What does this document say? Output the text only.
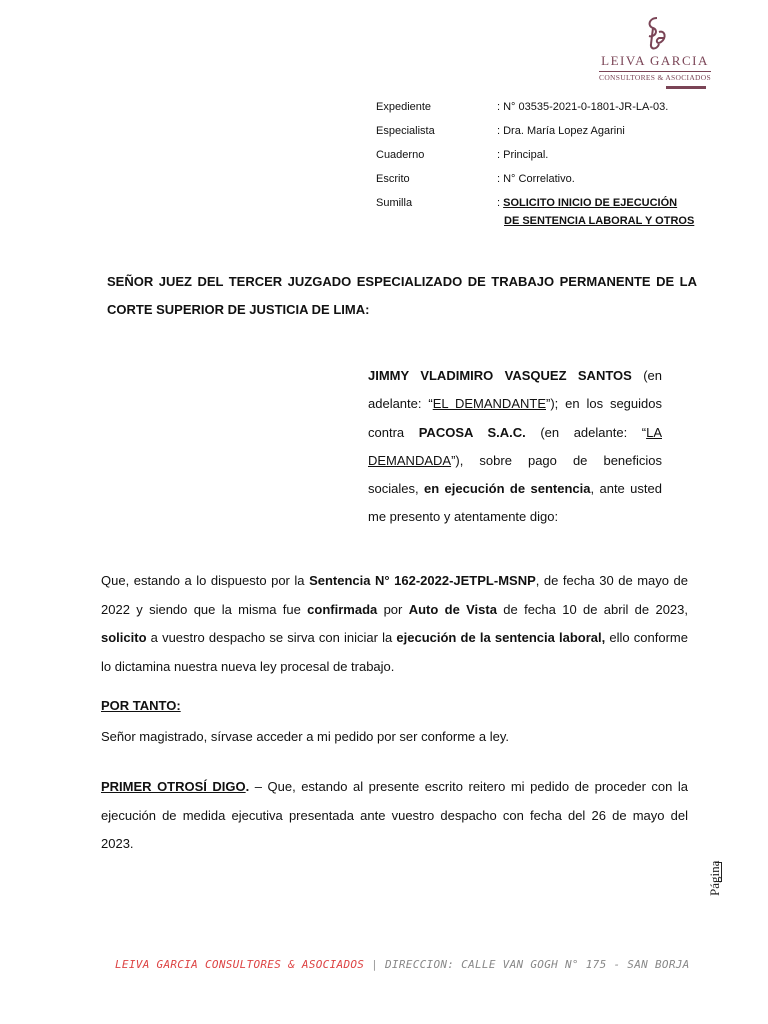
LEIVA GARCIA
CONSULTORES & ASOCIADOS
Expediente	: N° 03535-2021-0-1801-JR-LA-03.
Especialista	: Dra. María Lopez Agarini
Cuaderno	: Principal.
Escrito	: N° Correlativo.
Sumilla	: SOLICITO INICIO DE EJECUCIÓN
DE SENTENCIA LABORAL Y OTROS
SEÑOR JUEZ DEL TERCER JUZGADO ESPECIALIZADO DE TRABAJO PERMANENTE DE LA CORTE SUPERIOR DE JUSTICIA DE LIMA:
JIMMY VLADIMIRO VASQUEZ SANTOS (en adelante: “EL DEMANDANTE”); en los seguidos contra PACOSA S.A.C. (en adelante: “LA DEMANDADA”), sobre pago de beneficios sociales, en ejecución de sentencia, ante usted me presento y atentamente digo:
Que, estando a lo dispuesto por la Sentencia N° 162-2022-JETPL-MSNP, de fecha 30 de mayo de 2022 y siendo que la misma fue confirmada por Auto de Vista de fecha 10 de abril de 2023, solicito a vuestro despacho se sirva con iniciar la ejecución de la sentencia laboral, ello conforme lo dictamina nuestra nueva ley procesal de trabajo.
POR TANTO:
Señor magistrado, sírvase acceder a mi pedido por ser conforme a ley.
PRIMER OTROSÍ DIGO. – Que, estando al presente escrito reitero mi pedido de proceder con la ejecución de medida ejecutiva presentada ante vuestro despacho con fecha del 26 de mayo del 2023.
Página
LEIVA GARCIA CONSULTORES & ASOCIADOS | DIRECCION: CALLE VAN GOGH N° 175 - SAN BORJA
